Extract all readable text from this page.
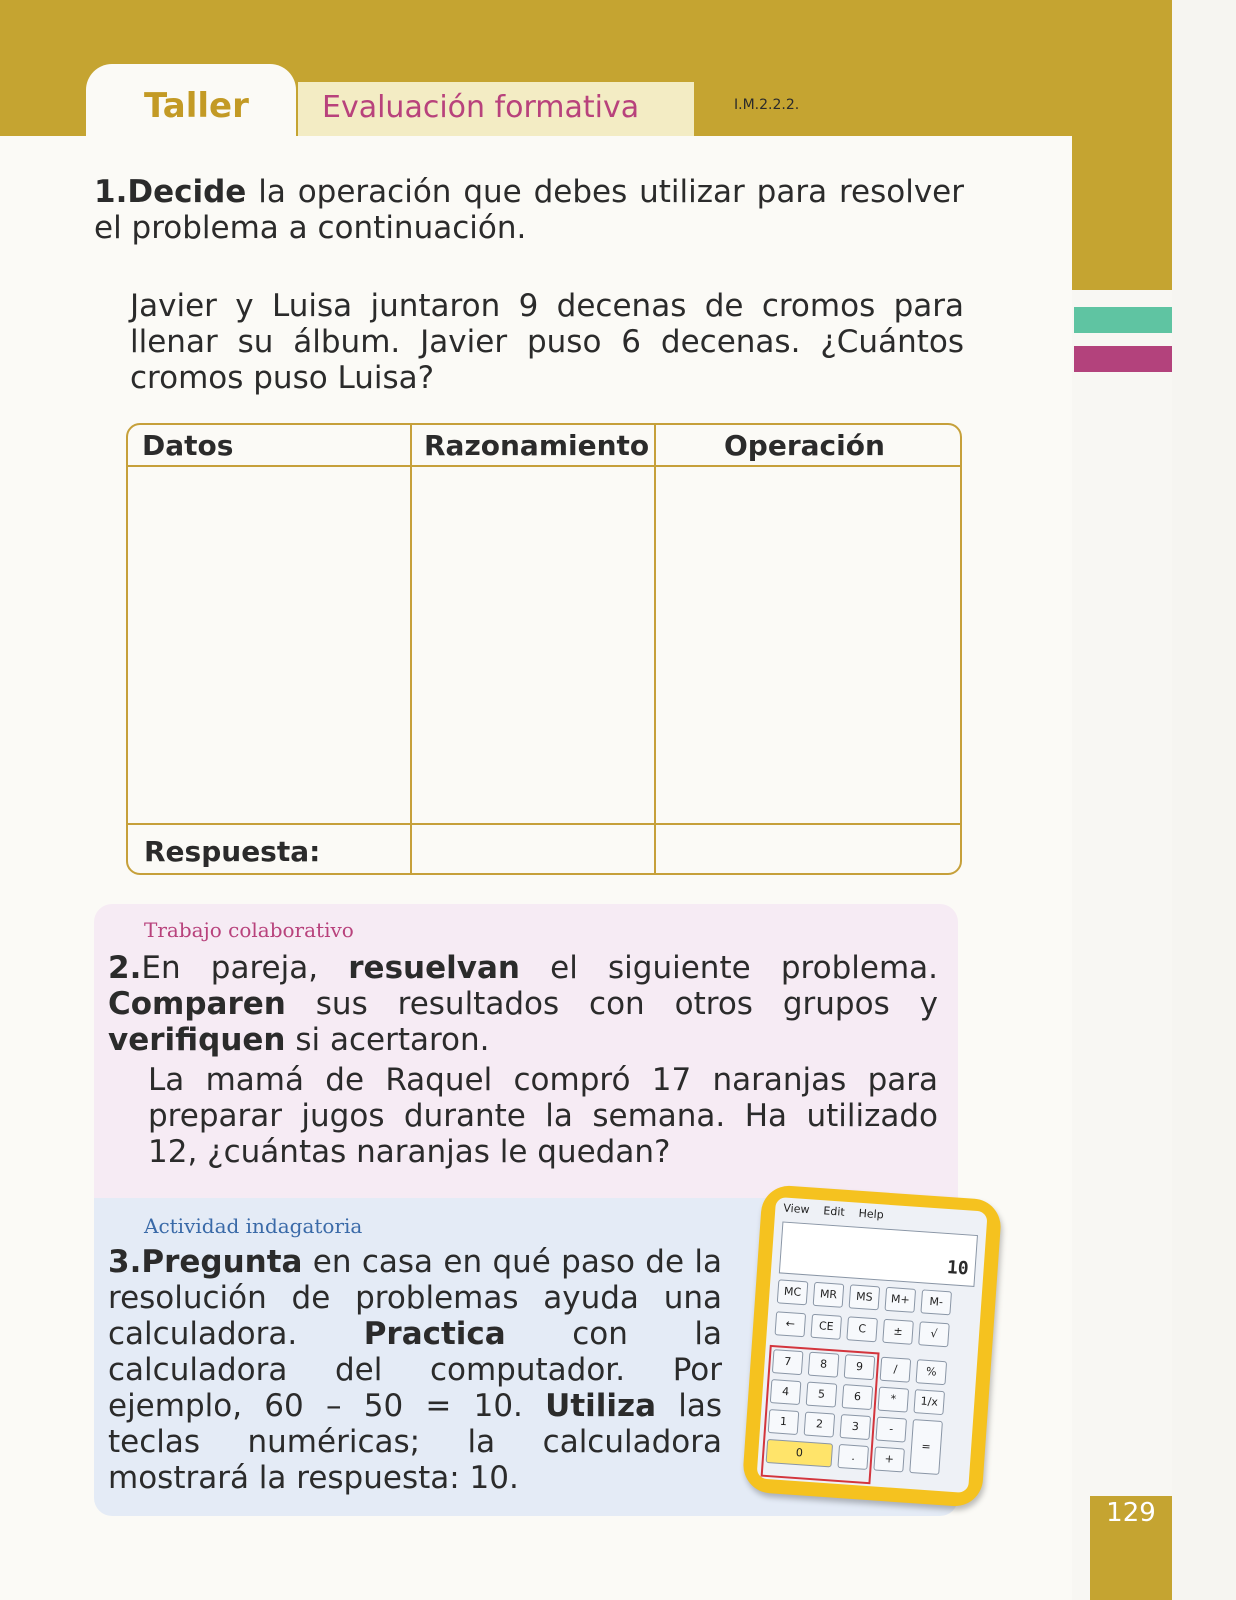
Taller Evaluación formativa	I.M.2.2.2.
1.Decide la operación que debes utilizar para resolver el problema a continuación.
Javier y Luisa juntaron 9 decenas de cromos para llenar su álbum. Javier puso 6 decenas. ¿Cuántos cromos puso Luisa?
Datos	Razonamiento	Operación
Respuesta:
Trabajo colaborativo
2.En pareja, resuelvan el siguiente problema. Comparen sus resultados con otros grupos y verifiquen si acertaron.
La mamá de Raquel compró 17 naranjas para preparar jugos durante la semana. Ha utilizado 12, ¿cuántas naranjas le quedan?
Actividad indagatoria
3.Pregunta en casa en qué paso de la resolución de problemas ayuda una calculadora. Practica con la calculadora del computador. Por ejemplo, 60 – 50 = 10. Utiliza las teclas numéricas; la calculadora mostrará la respuesta: 10.
View Edit Help
10
MC	MR	MS	M+	M-
←	CE	C	±	√
7	8	9	/	%
4	5	6	*	1/x
1	2	3	-
=
0	.	+
129
